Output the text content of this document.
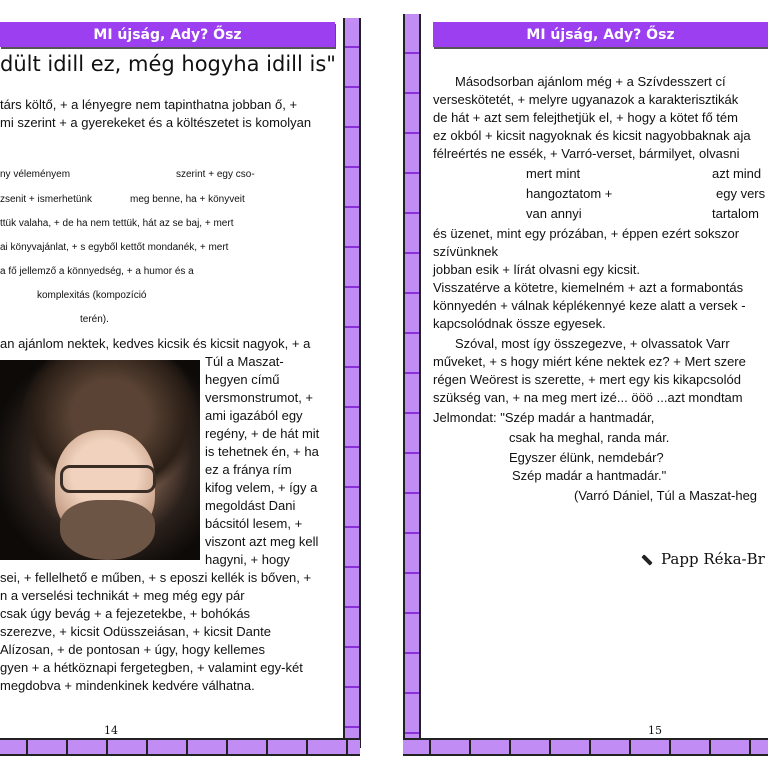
MI újság, Ady? Ősz
dült idill ez, még hogyha idill is"
társ költő, + a lényegre nem tapinthatna jobban ő, +
mi szerint + a gyerekeket és a költészetet is komolyan
ny véleményem	szerint + egy cso-
zsenit + ismerhetünk	meg benne, ha + könyveit
ttük valaha, + de ha nem tettük, hát az se baj, + mert
ai könyvajánlat, + s egyből kettőt mondanék, + mert
a fő jellemző a könnyedség, + a humor és a
komplexitás (kompozíció
terén).
an ajánlom nektek, kedves kicsik és kicsit nagyok, + a
Túl a Maszat-
hegyen című
versmonstrumot, +
ami igazából egy
regény, + de hát mit
is tehetnek én, + ha
ez a fránya rím
kifog velem, + így a
megoldást Dani
bácsitól lesem, +
viszont azt meg kell
hagyni, + hogy
sei, + fellelhető e műben, + s eposzi kellék is bőven, +
n a verselési technikát + meg még egy pár
csak úgy bevág + a fejezetekbe, + bohókás
szerezve, + kicsit Odüsszeiásan, + kicsit Dante
Alízosan, + de pontosan + úgy, hogy kellemes
gyen + a hétköznapi fergetegben, + valamint egy-két
megdobva + mindenkinek kedvére válhatna.
14
MI újság, Ady? Ősz
Másodsorban ajánlom még + a Szívdesszert cí
verseskötetét, + melyre ugyanazok a karakterisztikák
de hát + azt sem felejthetjük el, + hogy a kötet fő tém
ez okból + kicsit nagyoknak és kicsit nagyobbaknak aja
félreértés ne essék, + Varró-verset, bármilyet, olvasni
mert mint	azt mind
hangoztatom +	egy vers
van annyi	tartalom
és üzenet, mint egy prózában, + éppen ezért sokszor
szívünknek
jobban esik + lírát olvasni egy kicsit.
Visszatérve a kötetre, kiemelném + azt a formabontás
könnyedén + válnak képlékennyé keze alatt a versek -
kapcsolódnak össze egyesek.
Szóval, most így összegezve, + olvassatok Varr
műveket, + s hogy miért kéne nektek ez? + Mert szere
régen Weörest is szerette, + mert egy kis kikapcsolód
szükség van, + na meg mert izé... ööö ...azt mondtam
Jelmondat: "Szép madár a hantmadár,
csak ha meghal, randa már.
Egyszer élünk, nemdebár?
Szép madár a hantmadár."
(Varró Dániel, Túl a Maszat-heg
Papp Réka-Br
15
